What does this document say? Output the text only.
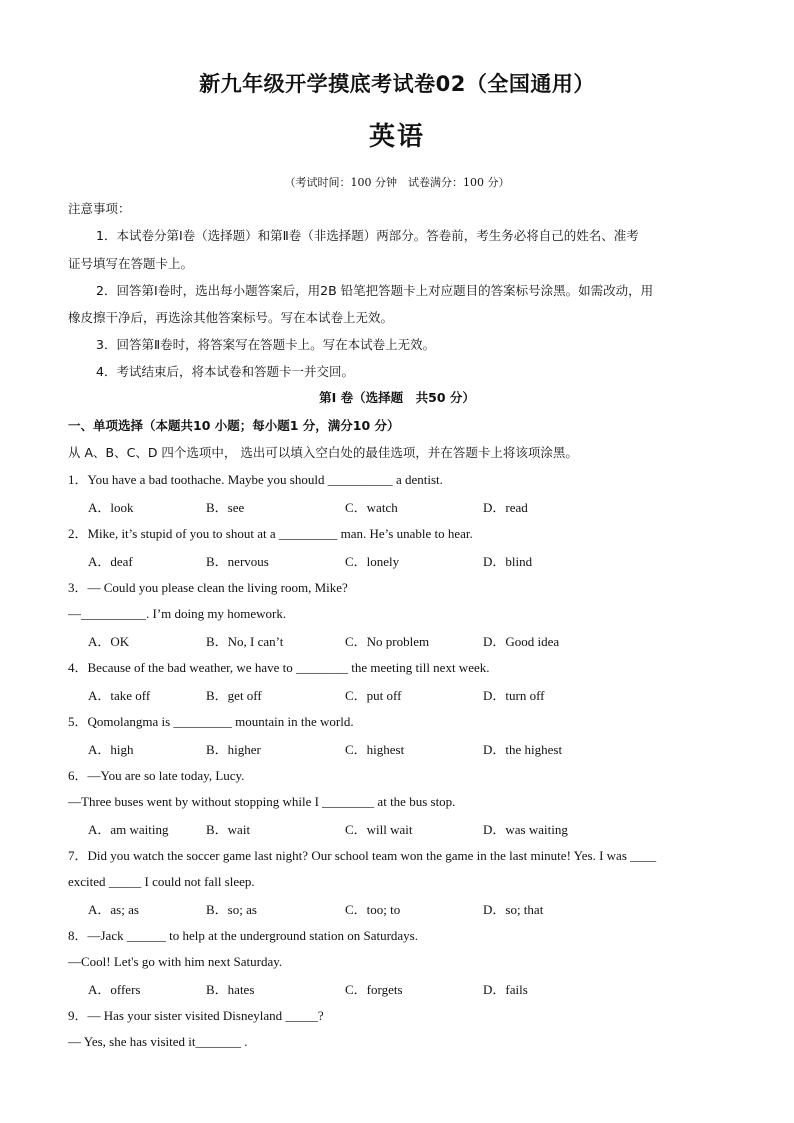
新九年级开学摸底考试卷02（全国通用）
英语
（考试时间：100 分钟　试卷满分：100 分）
注意事项：
1．本试卷分第Ⅰ卷（选择题）和第Ⅱ卷（非选择题）两部分。答卷前，考生务必将自己的姓名、准考
证号填写在答题卡上。
2．回答第Ⅰ卷时，选出每小题答案后，用2B 铅笔把答题卡上对应题目的答案标号涂黑。如需改动，用
橡皮擦干净后，再选涂其他答案标号。写在本试卷上无效。
3．回答第Ⅱ卷时，将答案写在答题卡上。写在本试卷上无效。
4．考试结束后，将本试卷和答题卡一并交回。
第I 卷（选择题　共50 分）
一、单项选择（本题共10 小题；每小题1 分，满分10 分）
从 A、B、C、D 四个选项中， 选出可以填入空白处的最佳选项，并在答题卡上将该项涂黑。
1．You have a bad toothache. Maybe you should __________ a dentist.
A．look	B．see	C．watch	D．read
2．Mike, it’s stupid of you to shout at a _________ man. He’s unable to hear.
A．deaf	B．nervous	C．lonely	D．blind
3．— Could you please clean the living room, Mike?
—__________. I’m doing my homework.
A．OK	B．No, I can’t	C．No problem	D．Good idea
4．Because of the bad weather, we have to ________ the meeting till next week.
A．take off	B．get off	C．put off	D．turn off
5．Qomolangma is _________ mountain in the world.
A．high	B．higher	C．highest	D．the highest
6．—You are so late today, Lucy.
—Three buses went by without stopping while I ________ at the bus stop.
A．am waiting	B．wait	C．will wait	D．was waiting
7．Did you watch the soccer game last night? Our school team won the game in the last minute! Yes. I was ____
excited _____ I could not fall sleep.
A．as; as	B．so; as	C．too; to	D．so; that
8．—Jack ______ to help at the underground station on Saturdays.
—Cool! Let's go with him next Saturday.
A．offers	B．hates	C．forgets	D．fails
9．— Has your sister visited Disneyland _____?
— Yes, she has visited it_______ .
